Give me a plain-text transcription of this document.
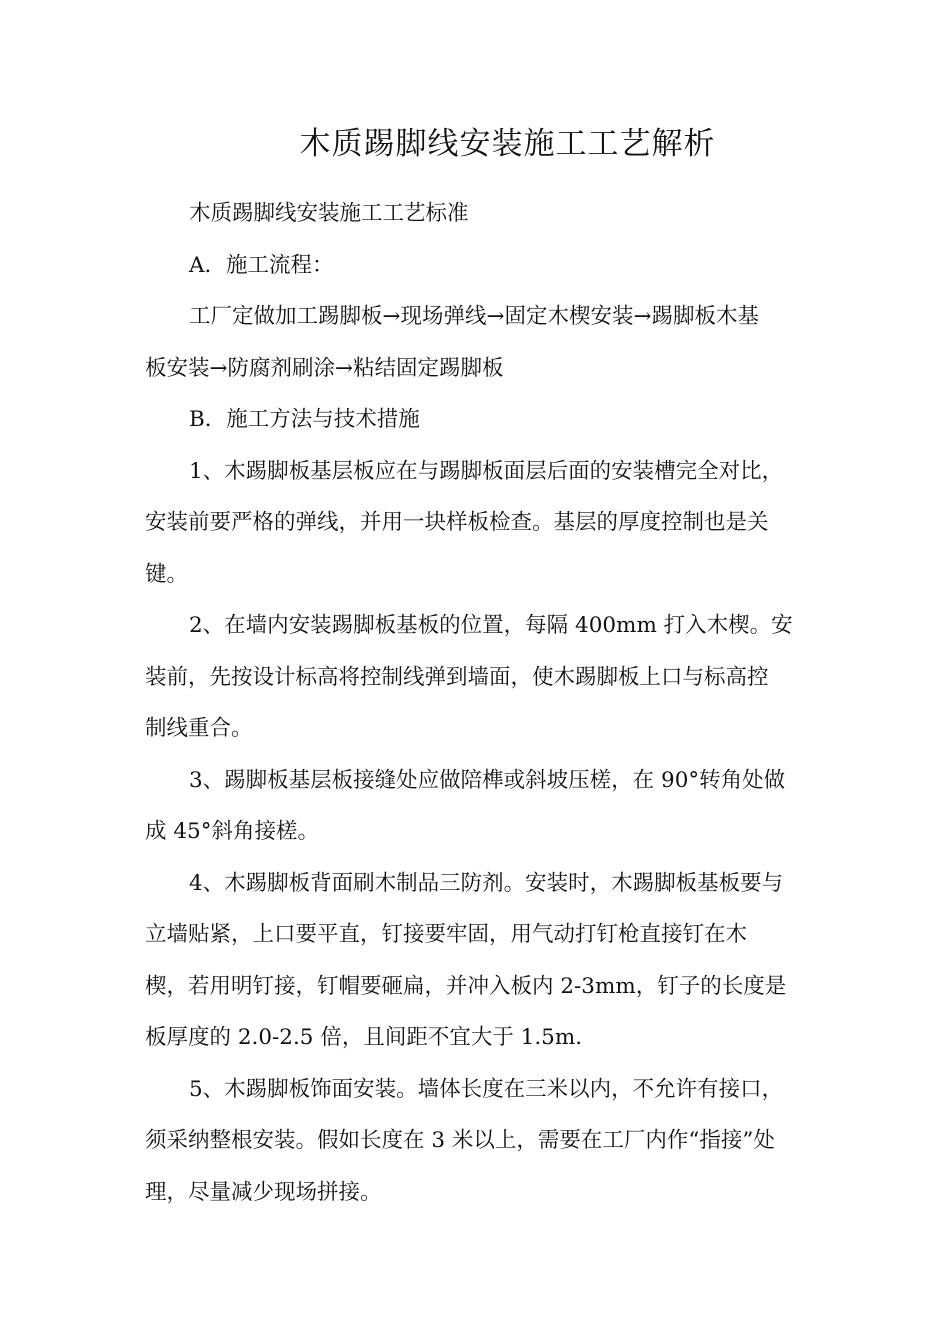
木质踢脚线安装施工工艺解析
木质踢脚线安装施工工艺标准
A．施工流程：
工厂定做加工踢脚板→现场弹线→固定木楔安装→踢脚板木基
板安装→防腐剂刷涂→粘结固定踢脚板
B．施工方法与技术措施
1、木踢脚板基层板应在与踢脚板面层后面的安装槽完全对比，
安装前要严格的弹线，并用一块样板检查。基层的厚度控制也是关
键。
2、在墙内安装踢脚板基板的位置，每隔 400mm 打入木楔。安
装前，先按设计标高将控制线弹到墙面，使木踢脚板上口与标高控
制线重合。
3、踢脚板基层板接缝处应做陪榫或斜坡压槎，在 90°转角处做
成 45°斜角接槎。
4、木踢脚板背面刷木制品三防剂。安装时，木踢脚板基板要与
立墙贴紧，上口要平直，钉接要牢固，用气动打钉枪直接钉在木
楔，若用明钉接，钉帽要砸扁，并冲入板内 2-3mm，钉子的长度是
板厚度的 2.0-2.5 倍，且间距不宜大于 1.5m.
5、木踢脚板饰面安装。墙体长度在三米以内，不允许有接口，
须采纳整根安装。假如长度在 3 米以上，需要在工厂内作“指接”处
理，尽量减少现场拼接。
